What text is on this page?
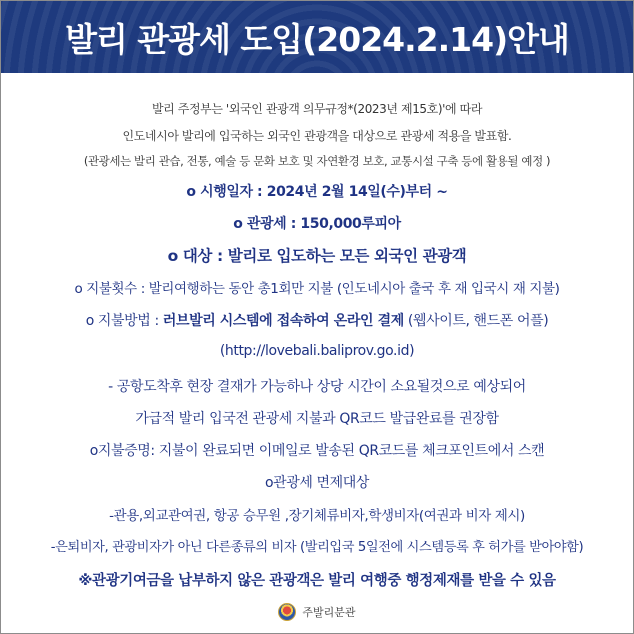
발리 관광세 도입(2024.2.14)안내
발리 주정부는 '외국인 관광객 의무규정*(2023년 제15호)'에 따라
인도네시아 발리에 입국하는 외국인 관광객을 대상으로 관광세 적용을 발표함.
(관광세는 발리 관습, 전통, 예술 등 문화 보호 및 자연환경 보호, 교통시설 구축 등에 활용될 예정 )
o 시행일자 : 2024년 2월 14일(수)부터 ~
o 관광세 : 150,000루피아
o 대상 : 발리로 입도하는 모든 외국인 관광객
o 지불횟수 : 발리여행하는 동안 총1회만 지불 (인도네시아 출국 후 재 입국시 재 지불)
o 지불방법 : 러브발리 시스템에 접속하여 온라인 결제 (웹사이트, 핸드폰 어플)
(http://lovebali.baliprov.go.id)
- 공항도착후 현장 결재가 가능하나 상당 시간이 소요될것으로 예상되어
가급적 발리 입국전 관광세 지불과 QR코드 발급완료를 권장함
o지불증명: 지불이 완료되면 이메일로 발송된 QR코드를 체크포인트에서 스캔
o관광세 면제대상
-관용,외교관여권, 항공 승무원 ,장기체류비자,학생비자(여권과 비자 제시)
-은퇴비자, 관광비자가 아닌 다른종류의 비자 (발리입국 5일전에 시스템등록 후 허가를 받아야함)
※관광기여금을 납부하지 않은 관광객은 발리 여행중 행정제재를 받을 수 있음
주발리분관
